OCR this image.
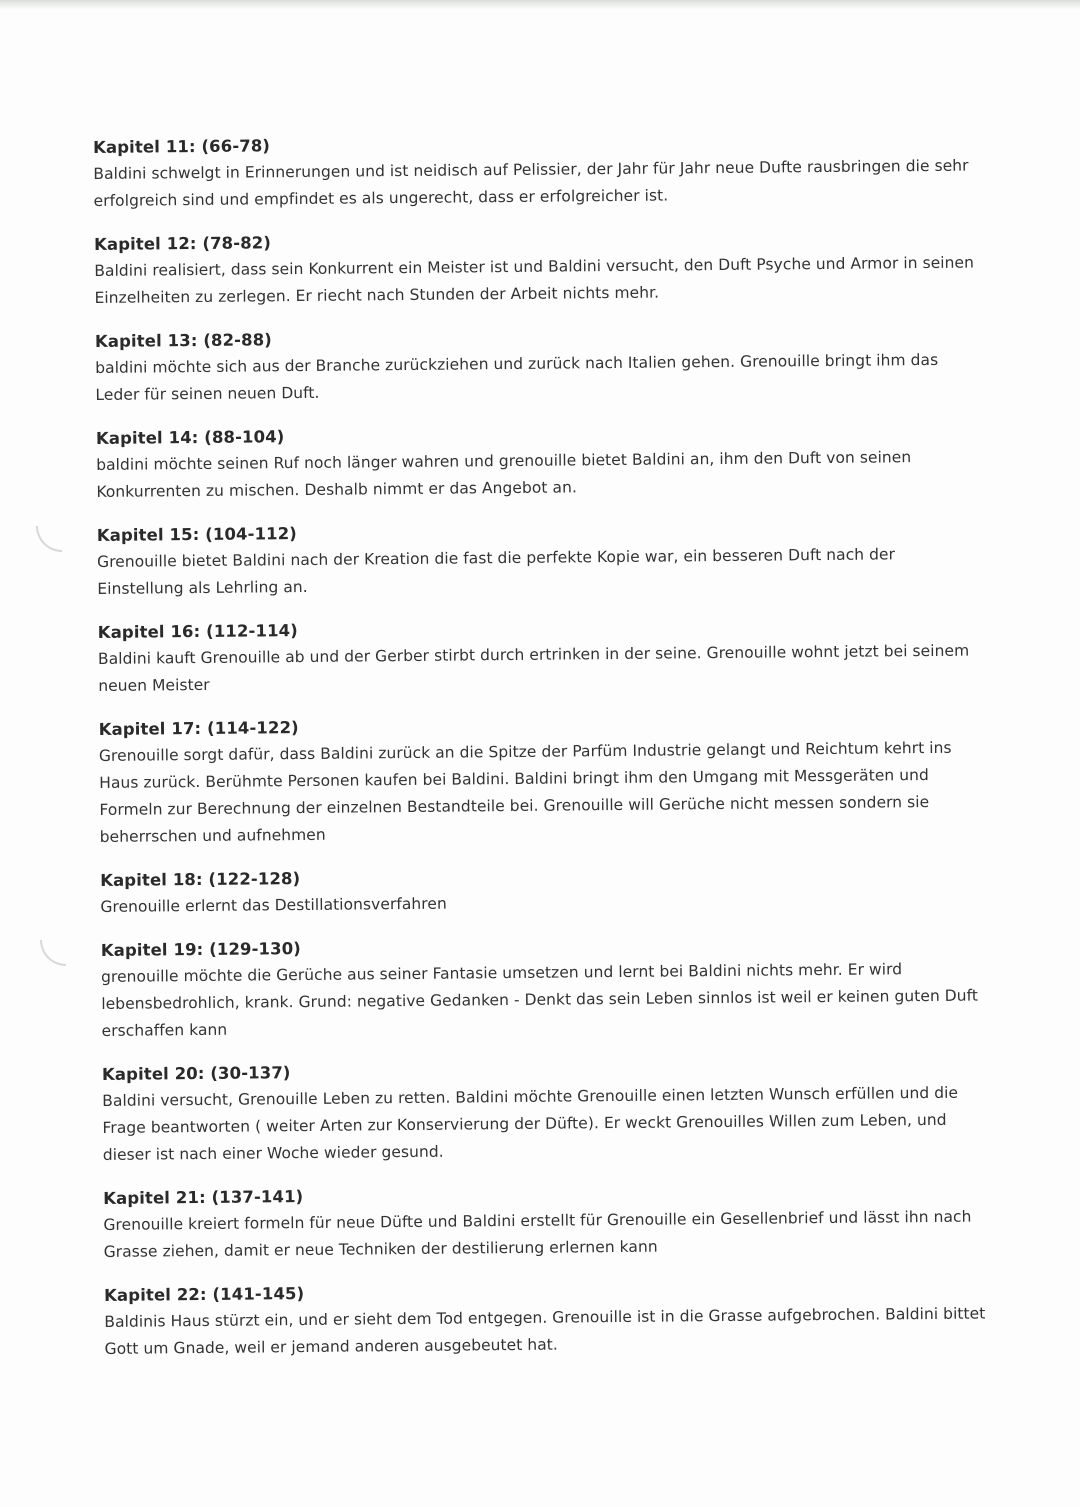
Kapitel 11: (66-78)
Baldini schwelgt in Erinnerungen und ist neidisch auf Pelissier, der Jahr für Jahr neue Dufte rausbringen die sehr erfolgreich sind und empfindet es als ungerecht, dass er erfolgreicher ist.
Kapitel 12: (78-82)
Baldini realisiert, dass sein Konkurrent ein Meister ist und Baldini versucht, den Duft Psyche und Armor in seinen Einzelheiten zu zerlegen. Er riecht nach Stunden der Arbeit nichts mehr.
Kapitel 13: (82-88)
baldini möchte sich aus der Branche zurückziehen und zurück nach Italien gehen. Grenouille bringt ihm das Leder für seinen neuen Duft.
Kapitel 14: (88-104)
baldini möchte seinen Ruf noch länger wahren und grenouille bietet Baldini an, ihm den Duft von seinen Konkurrenten zu mischen. Deshalb nimmt er das Angebot an.
Kapitel 15: (104-112)
Grenouille bietet Baldini nach der Kreation die fast die perfekte Kopie war, ein besseren Duft nach der Einstellung als Lehrling an.
Kapitel 16: (112-114)
Baldini kauft Grenouille ab und der Gerber stirbt durch ertrinken in der seine. Grenouille wohnt jetzt bei seinem neuen Meister
Kapitel 17: (114-122)
Grenouille sorgt dafür, dass Baldini zurück an die Spitze der Parfüm Industrie gelangt und Reichtum kehrt ins Haus zurück. Berühmte Personen kaufen bei Baldini. Baldini bringt ihm den Umgang mit Messgeräten und Formeln zur Berechnung der einzelnen Bestandteile bei. Grenouille will Gerüche nicht messen sondern sie beherrschen und aufnehmen
Kapitel 18: (122-128)
Grenouille erlernt das Destillationsverfahren
Kapitel 19: (129-130)
grenouille möchte die Gerüche aus seiner Fantasie umsetzen und lernt bei Baldini nichts mehr. Er wird lebensbedrohlich, krank. Grund: negative Gedanken - Denkt das sein Leben sinnlos ist weil er keinen guten Duft erschaffen kann
Kapitel 20: (30-137)
Baldini versucht, Grenouille Leben zu retten. Baldini möchte Grenouille einen letzten Wunsch erfüllen und die Frage beantworten ( weiter Arten zur Konservierung der Düfte). Er weckt Grenouilles Willen zum Leben, und dieser ist nach einer Woche wieder gesund.
Kapitel 21: (137-141)
Grenouille kreiert formeln für neue Düfte und Baldini erstellt für Grenouille ein Gesellenbrief und lässt ihn nach Grasse ziehen, damit er neue Techniken der destilierung erlernen kann
Kapitel 22: (141-145)
Baldinis Haus stürzt ein, und er sieht dem Tod entgegen. Grenouille ist in die Grasse aufgebrochen. Baldini bittet Gott um Gnade, weil er jemand anderen ausgebeutet hat.
